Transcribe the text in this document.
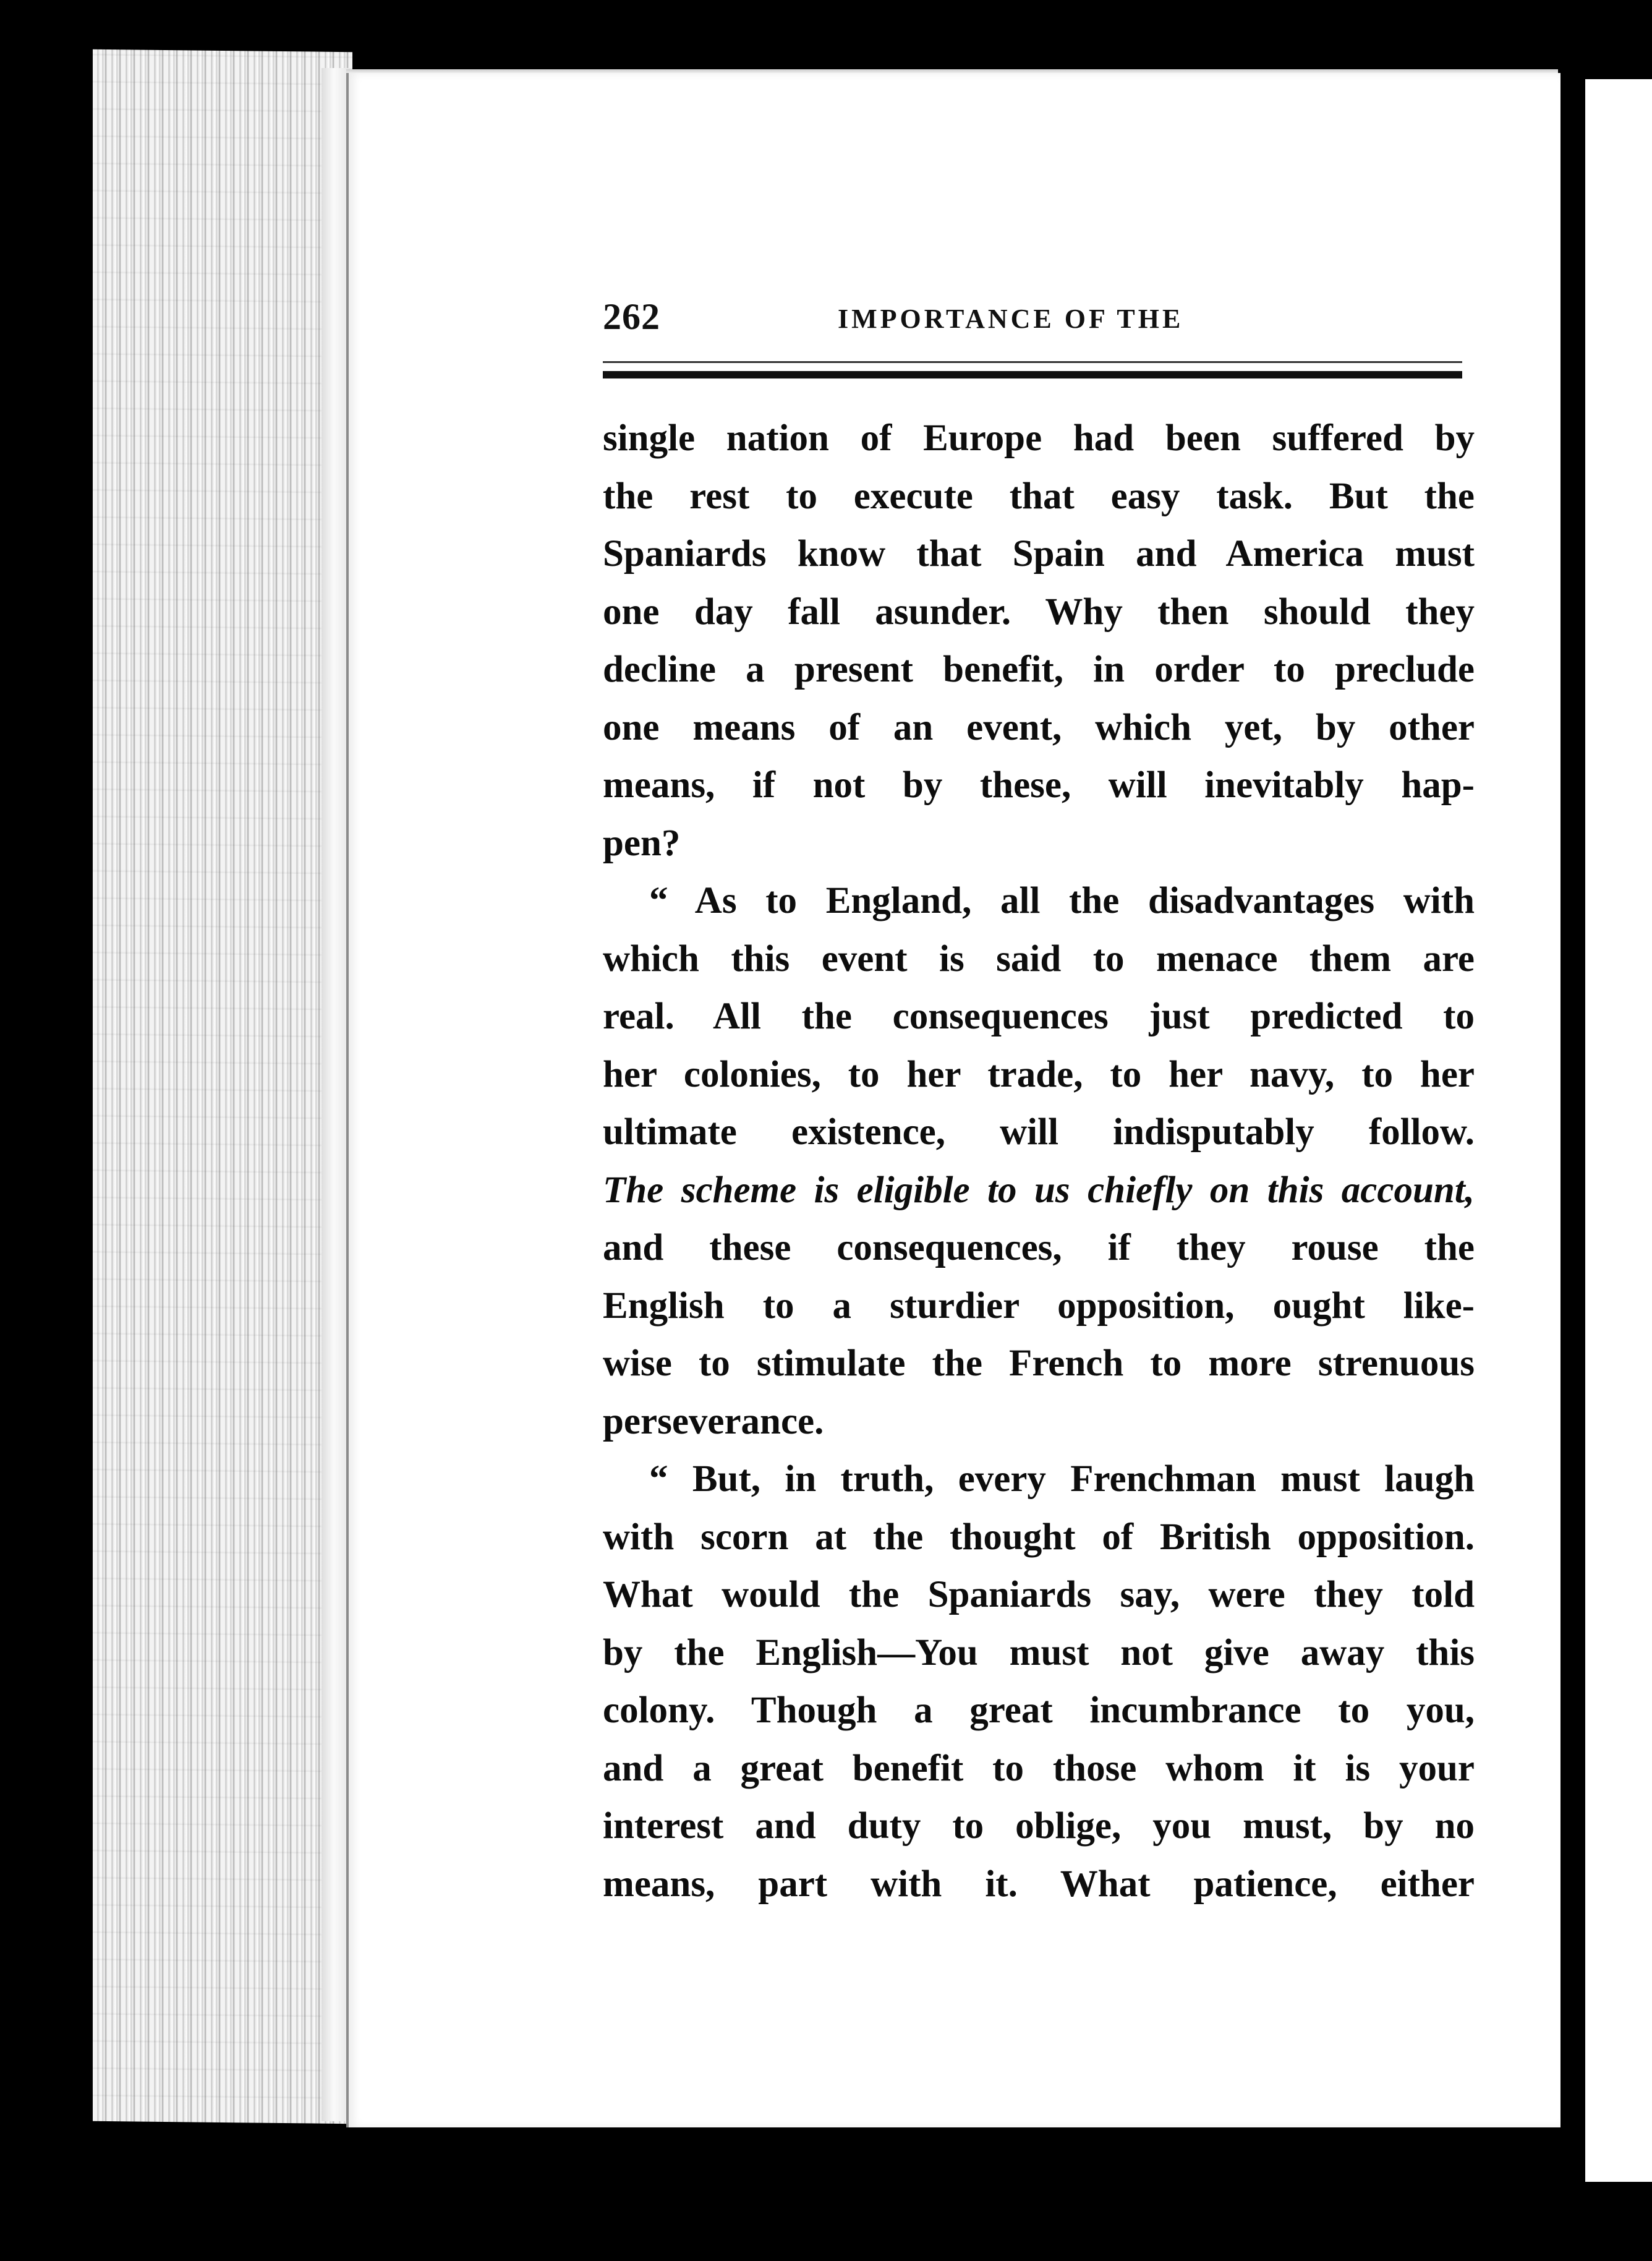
262	IMPORTANCE OF THE
single nation of Europe had been suffered by
the rest to execute that easy task. But the
Spaniards know that Spain and America must
one day fall asunder. Why then should they
decline a present benefit, in order to preclude
one means of an event, which yet, by other
means, if not by these, will inevitably hap-
pen?
“ As to England, all the disadvantages with
which this event is said to menace them are
real. All the consequences just predicted to
her colonies, to her trade, to her navy, to her
ultimate existence, will indisputably follow.
The scheme is eligible to us chiefly on this account,
and these consequences, if they rouse the
English to a sturdier opposition, ought like-
wise to stimulate the French to more strenuous
perseverance.
“ But, in truth, every Frenchman must laugh
with scorn at the thought of British opposition.
What would the Spaniards say, were they told
by the English—You must not give away this
colony. Though a great incumbrance to you,
and a great benefit to those whom it is your
interest and duty to oblige, you must, by no
means, part with it. What patience, either
